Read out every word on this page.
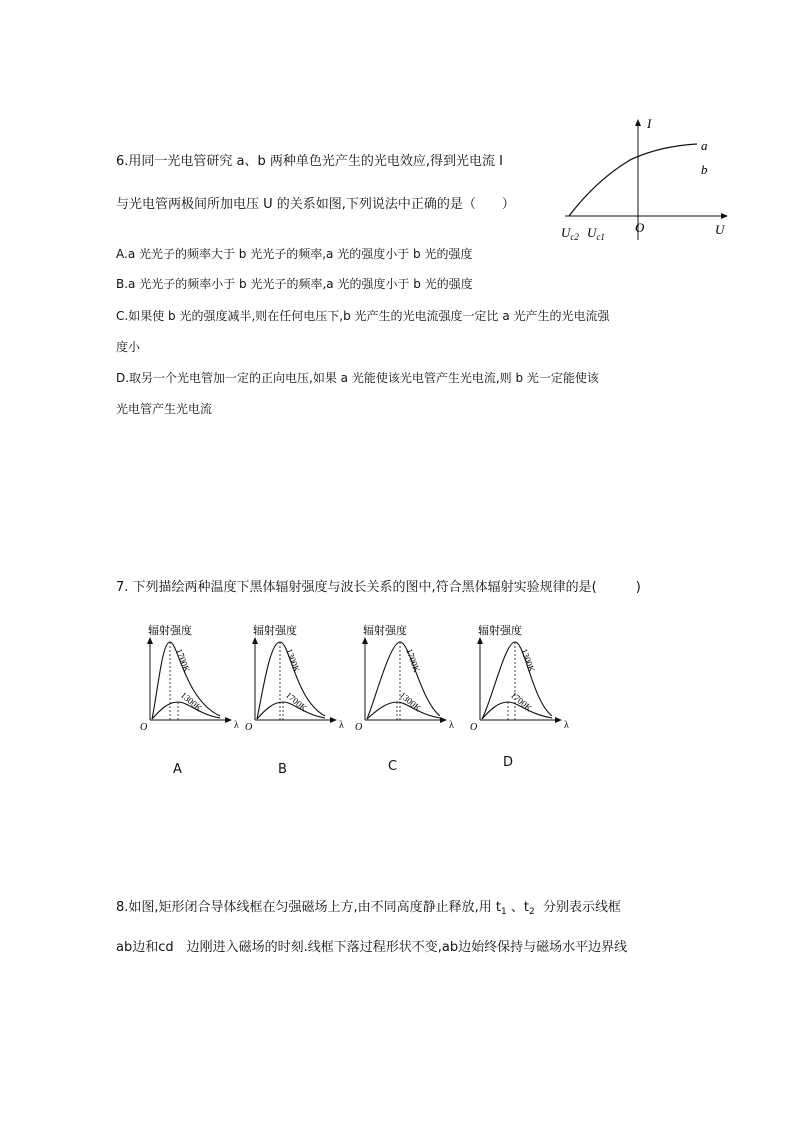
6.用同一光电管研究 a、b 两种单色光产生的光电效应,得到光电流 I
与光电管两极间所加电压 U 的关系如图,下列说法中正确的是（　　）
A.a 光光子的频率大于 b 光光子的频率,a 光的强度小于 b 光的强度
B.a 光光子的频率小于 b 光光子的频率,a 光的强度小于 b 光的强度
C.如果使 b 光的强度减半,则在任何电压下,b 光产生的光电流强度一定比 a 光产生的光电流强
度小
D.取另一个光电管加一定的正向电压,如果 a 光能使该光电管产生光电流,则 b 光一定能使该
光电管产生光电流
a
b
I
U
O
$U_{c2}$ $U_{c1}$
7. 下列描绘两种温度下黑体辐射强度与波长关系的图中,符合黑体辐射实验规律的是(　　　)
1700K
1300K
辐射强度
O	λ
A
1300K
1700K
辐射强度
O	λ
B
1700K
1300K
辐射强度
O	λ
C
1300K
1700K
辐射强度
O	λ
D
8.如图,矩形闭合导体线框在匀强磁场上方,由不同高度静止释放,用 $t_1$ 、$t_2$ 分别表示线框
ab边和cd　边刚进入磁场的时刻.线框下落过程形状不变,ab边始终保持与磁场水平边界线
